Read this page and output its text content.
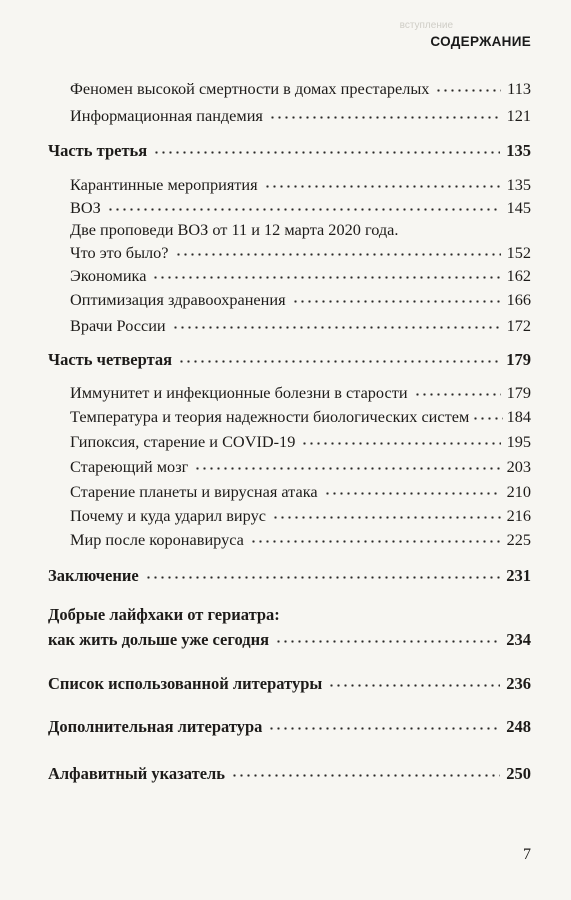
вступление
СОДЕРЖАНИЕ
Феномен высокой смертности в домах престарелых	113
Информационная пандемия	121
Часть третья	135
Карантинные мероприятия	135
ВОЗ	145
Две проповеди ВОЗ от 11 и 12 марта 2020 года.
Что это было?	152
Экономика	162
Оптимизация здравоохранения	166
Врачи России	172
Часть четвертая	179
Иммунитет и инфекционные болезни в старости	179
Температура и теория надежности биологических систем 184
Гипоксия, старение и COVID-19	195
Стареющий мозг	203
Старение планеты и вирусная атака	210
Почему и куда ударил вирус	216
Мир после коронавируса	225
Заключение	231
Добрые лайфхаки от гериатра:
как жить дольше уже сегодня	234
Список использованной литературы	236
Дополнительная литература	248
Алфавитный указатель	250
7
